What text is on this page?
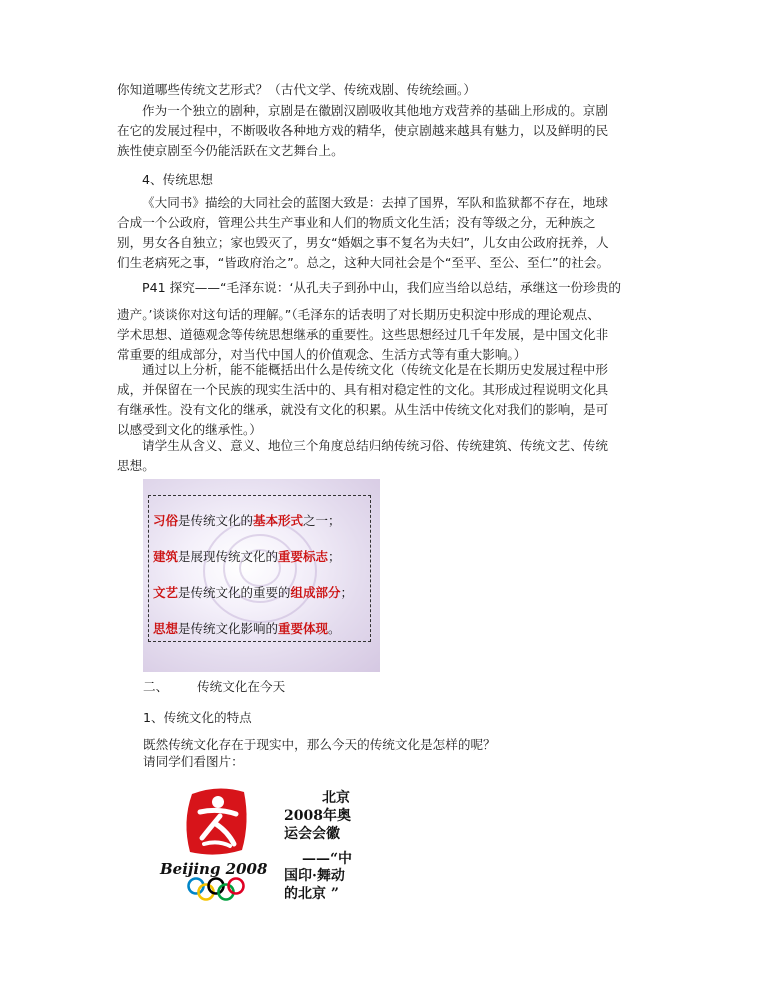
你知道哪些传统文艺形式？（古代文学、传统戏剧、传统绘画。）
作为一个独立的剧种，京剧是在徽剧汉剧吸收其他地方戏营养的基础上形成的。京剧
在它的发展过程中，不断吸收各种地方戏的精华，使京剧越来越具有魅力，以及鲜明的民
族性使京剧至今仍能活跃在文艺舞台上。
4、传统思想
《大同书》描绘的大同社会的蓝图大致是：去掉了国界，军队和监狱都不存在，地球
合成一个公政府，管理公共生产事业和人们的物质文化生活；没有等级之分，无种族之
别，男女各自独立；家也毁灭了，男女“婚姻之事不复名为夫妇”，儿女由公政府抚养，人
们生老病死之事，“皆政府治之”。总之，这种大同社会是个“至平、至公、至仁”的社会。
P41 探究——“毛泽东说：‘从孔夫子到孙中山，我们应当给以总结，承继这一份珍贵的
遗产。’谈谈你对这句话的理解。”（毛泽东的话表明了对长期历史积淀中形成的理论观点、
学术思想、道德观念等传统思想继承的重要性。这些思想经过几千年发展，是中国文化非
常重要的组成部分，对当代中国人的价值观念、生活方式等有重大影响。）
通过以上分析，能不能概括出什么是传统文化（传统文化是在长期历史发展过程中形
成，并保留在一个民族的现实生活中的、具有相对稳定性的文化。其形成过程说明文化具
有继承性。没有文化的继承，就没有文化的积累。从生活中传统文化对我们的影响，是可
以感受到文化的继承性。）
请学生从含义、意义、地位三个角度总结归纳传统习俗、传统建筑、传统文艺、传统
思想。
习俗是传统文化的基本形式之一；
建筑是展现传统文化的重要标志；
文艺是传统文化的重要的组成部分；
思想是传统文化影响的重要体现。
二、	传统文化在今天
1、传统文化的特点
既然传统文化存在于现实中，那么今天的传统文化是怎样的呢？
请同学们看图片：
Beijing 2008
北京
2008年奥
运会会徽
——“中
国印·舞动
的北京 ”
